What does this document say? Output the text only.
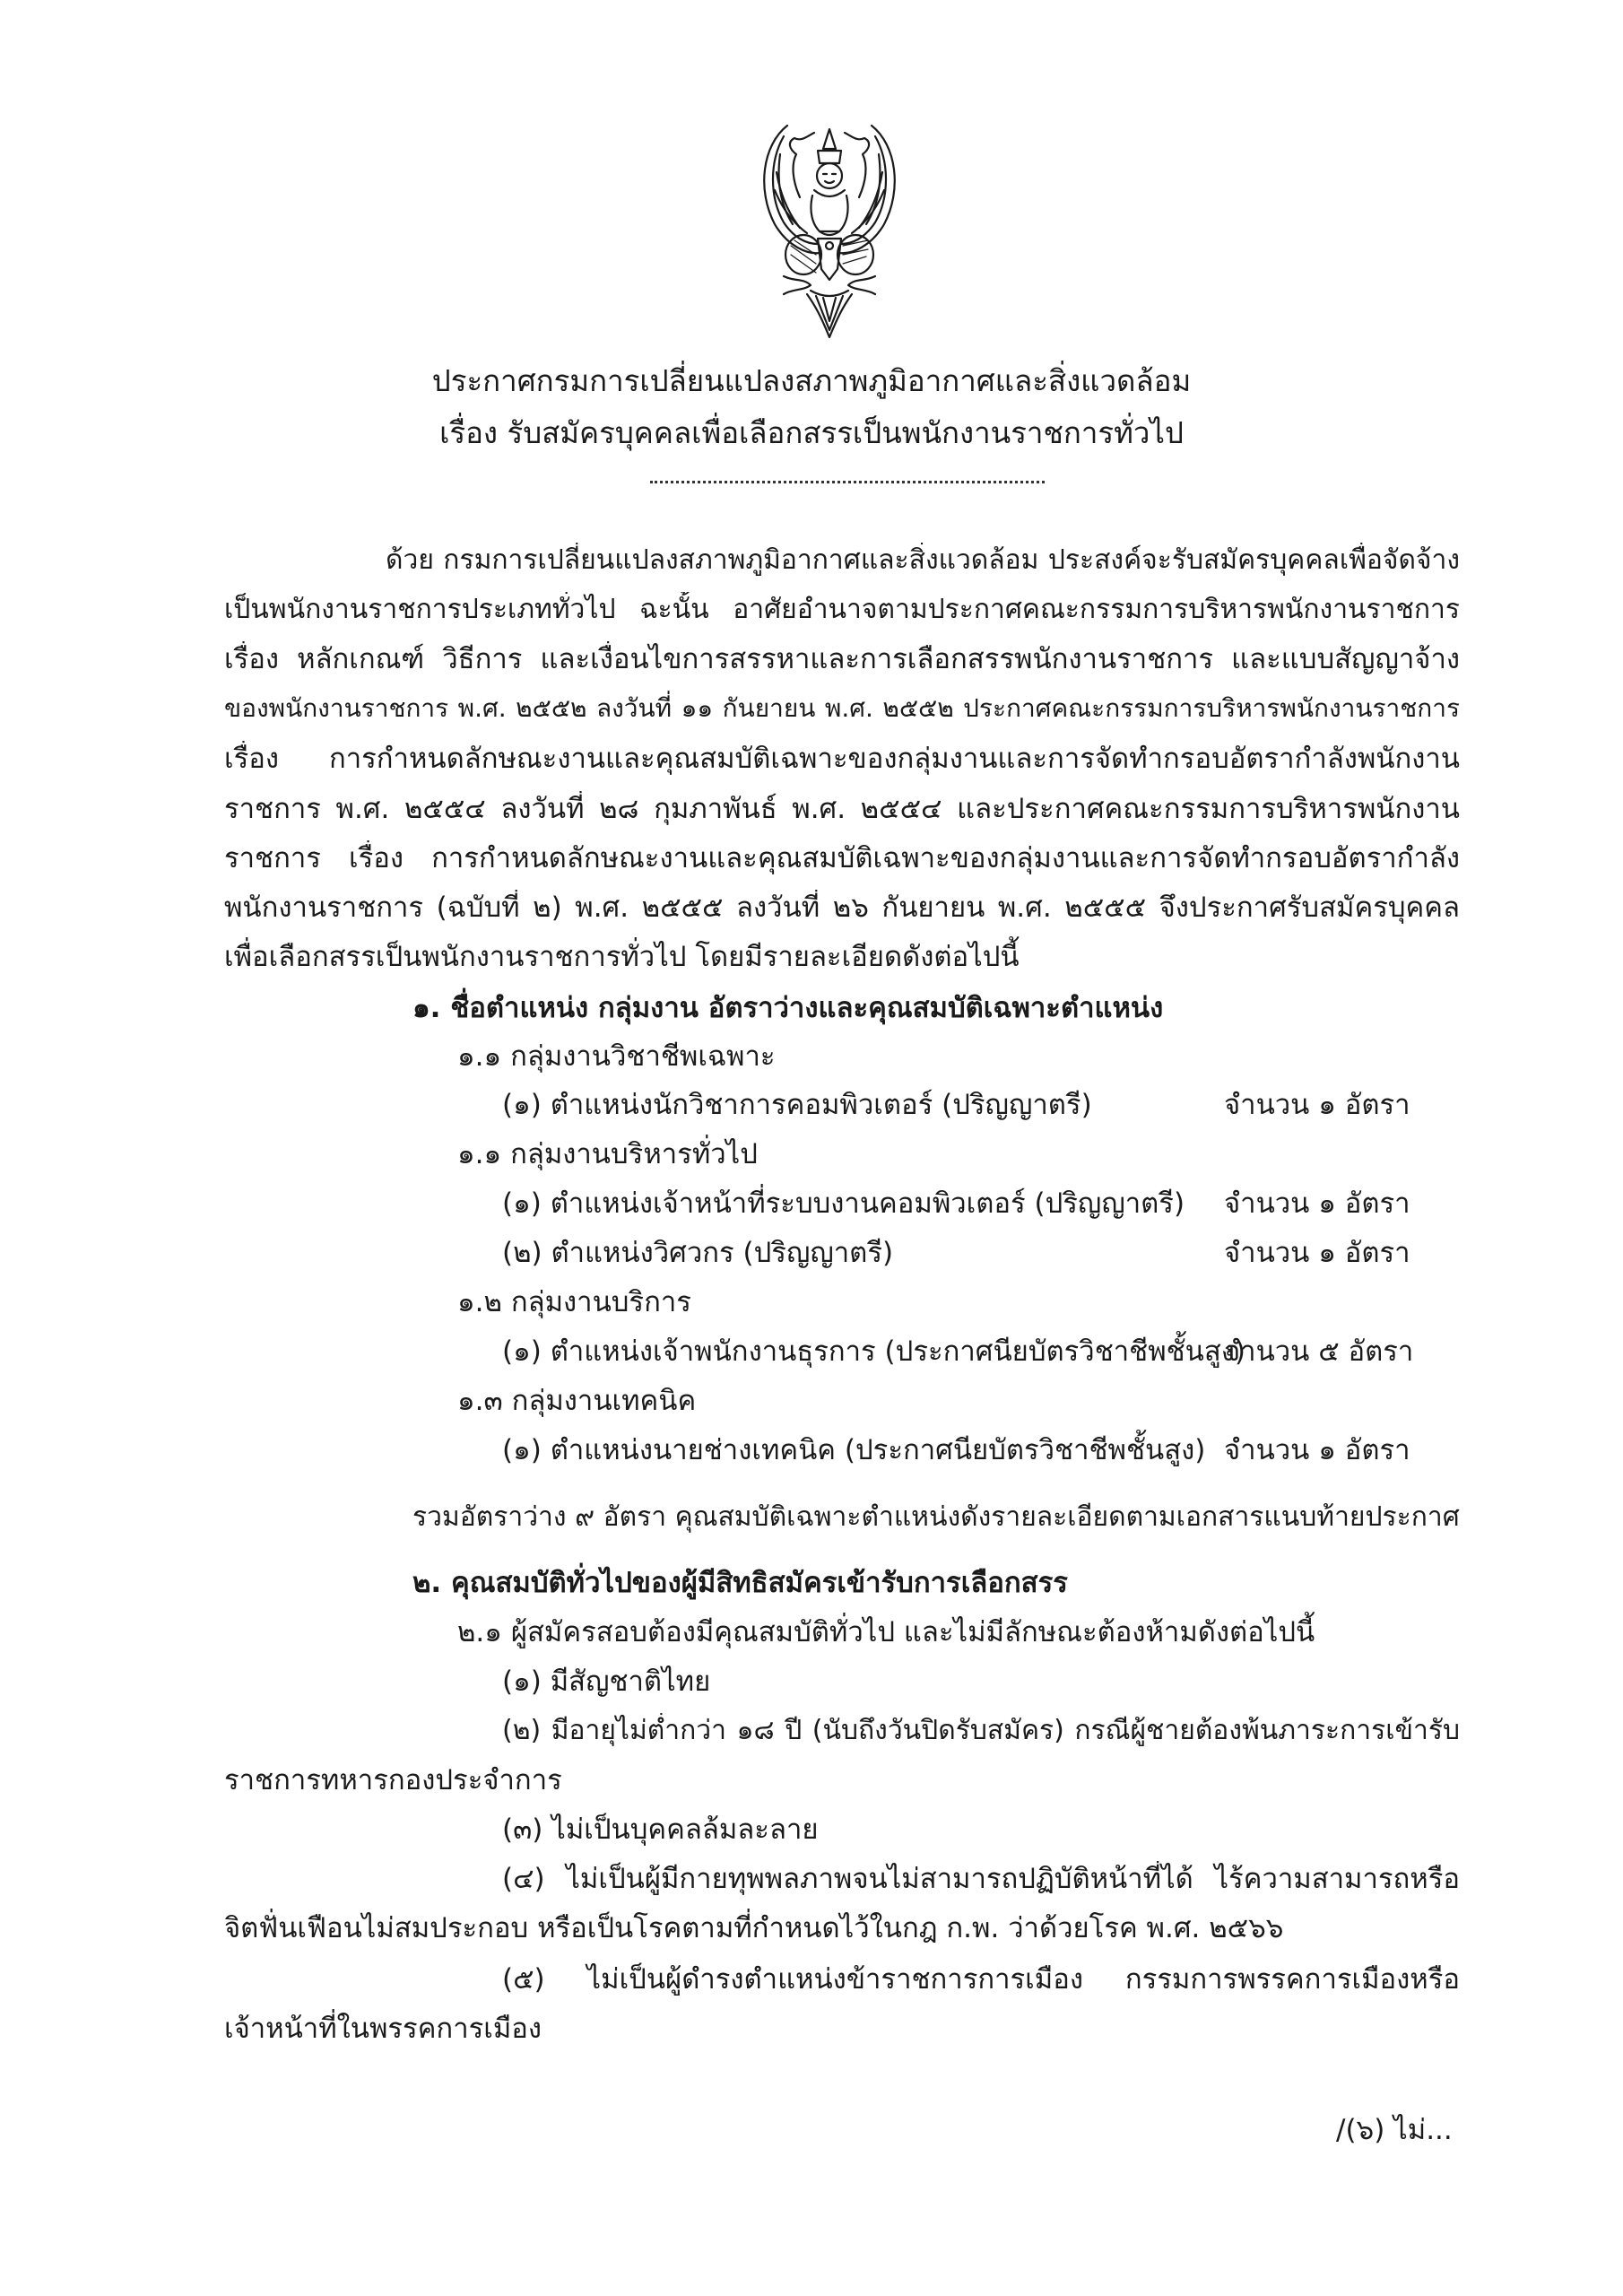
ประกาศกรมการเปลี่ยนแปลงสภาพภูมิอากาศและสิ่งแวดล้อม
เรื่อง รับสมัครบุคคลเพื่อเลือกสรรเป็นพนักงานราชการทั่วไป
ด้วย กรมการเปลี่ยนแปลงสภาพภูมิอากาศและสิ่งแวดล้อม ประสงค์จะรับสมัครบุคคลเพื่อจัดจ้าง
เป็นพนักงานราชการประเภททั่วไป ฉะนั้น อาศัยอำนาจตามประกาศคณะกรรมการบริหารพนักงานราชการ
เรื่อง หลักเกณฑ์ วิธีการ และเงื่อนไขการสรรหาและการเลือกสรรพนักงานราชการ และแบบสัญญาจ้าง
ของพนักงานราชการ พ.ศ. ๒๕๕๒ ลงวันที่ ๑๑ กันยายน พ.ศ. ๒๕๕๒ ประกาศคณะกรรมการบริหารพนักงานราชการ
เรื่อง การกำหนดลักษณะงานและคุณสมบัติเฉพาะของกลุ่มงานและการจัดทำกรอบอัตรากำลังพนักงาน
ราชการ พ.ศ. ๒๕๕๔ ลงวันที่ ๒๘ กุมภาพันธ์ พ.ศ. ๒๕๕๔ และประกาศคณะกรรมการบริหารพนักงาน
ราชการ เรื่อง การกำหนดลักษณะงานและคุณสมบัติเฉพาะของกลุ่มงานและการจัดทำกรอบอัตรากำลัง
พนักงานราชการ (ฉบับที่ ๒) พ.ศ. ๒๕๕๕ ลงวันที่ ๒๖ กันยายน พ.ศ. ๒๕๕๕ จึงประกาศรับสมัครบุคคล
เพื่อเลือกสรรเป็นพนักงานราชการทั่วไป โดยมีรายละเอียดดังต่อไปนี้
๑. ชื่อตำแหน่ง กลุ่มงาน อัตราว่างและคุณสมบัติเฉพาะตำแหน่ง
๑.๑ กลุ่มงานวิชาชีพเฉพาะ
(๑) ตำแหน่งนักวิชาการคอมพิวเตอร์ (ปริญญาตรี)	จำนวน ๑ อัตรา
๑.๑ กลุ่มงานบริหารทั่วไป
(๑) ตำแหน่งเจ้าหน้าที่ระบบงานคอมพิวเตอร์ (ปริญญาตรี) จำนวน ๑ อัตรา
(๒) ตำแหน่งวิศวกร (ปริญญาตรี)	จำนวน ๑ อัตรา
๑.๒ กลุ่มงานบริการ
(๑) ตำแหน่งเจ้าพนักงานธุรการ (ประกาศนียบัตรวิชาชีพชั้นสูง)
จำนวน ๕ อัตรา
๑.๓ กลุ่มงานเทคนิค
(๑) ตำแหน่งนายช่างเทคนิค (ประกาศนียบัตรวิชาชีพชั้นสูง) จำนวน ๑ อัตรา
รวมอัตราว่าง ๙ อัตรา คุณสมบัติเฉพาะตำแหน่งดังรายละเอียดตามเอกสารแนบท้ายประกาศ
๒. คุณสมบัติทั่วไปของผู้มีสิทธิสมัครเข้ารับการเลือกสรร
๒.๑ ผู้สมัครสอบต้องมีคุณสมบัติทั่วไป และไม่มีลักษณะต้องห้ามดังต่อไปนี้
(๑) มีสัญชาติไทย
(๒) มีอายุไม่ต่ำกว่า ๑๘ ปี (นับถึงวันปิดรับสมัคร) กรณีผู้ชายต้องพ้นภาระการเข้ารับ
ราชการทหารกองประจำการ
(๓) ไม่เป็นบุคคลล้มละลาย
(๔) ไม่เป็นผู้มีกายทุพพลภาพจนไม่สามารถปฏิบัติหน้าที่ได้ ไร้ความสามารถหรือ
จิตฟั่นเฟือนไม่สมประกอบ หรือเป็นโรคตามที่กำหนดไว้ในกฎ ก.พ. ว่าด้วยโรค พ.ศ. ๒๕๖๖
(๕) ไม่เป็นผู้ดำรงตำแหน่งข้าราชการการเมือง กรรมการพรรคการเมืองหรือ
เจ้าหน้าที่ในพรรคการเมือง
/(๖) ไม่...
